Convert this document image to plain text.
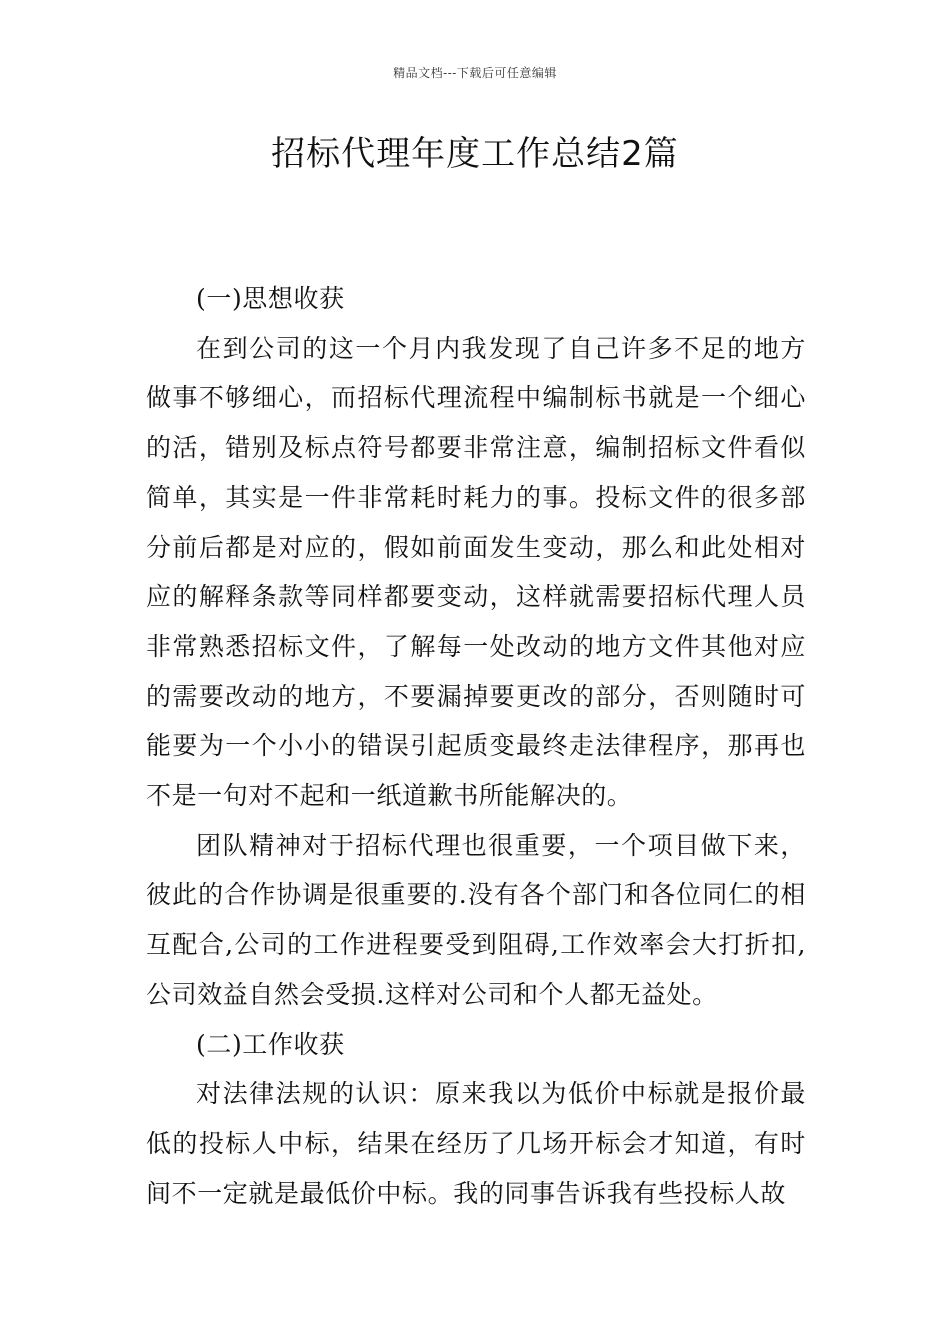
精品文档---下载后可任意编辑
招标代理年度工作总结2篇

(一)思想收获

在到公司的这一个月内我发现了自己许多不足的地方做事不够细心，而招标代理流程中编制标书就是一个细心的活，错别及标点符号都要非常注意，编制招标文件看似简单，其实是一件非常耗时耗力的事。投标文件的很多部分前后都是对应的，假如前面发生变动，那么和此处相对应的解释条款等同样都要变动，这样就需要招标代理人员非常熟悉招标文件，了解每一处改动的地方文件其他对应的需要改动的地方，不要漏掉要更改的部分，否则随时可能要为一个小小的错误引起质变最终走法律程序，那再也不是一句对不起和一纸道歉书所能解决的。

团队精神对于招标代理也很重要，一个项目做下来，彼此的合作协调是很重要的.没有各个部门和各位同仁的相互配合,公司的工作进程要受到阻碍,工作效率会大打折扣,公司效益自然会受损.这样对公司和个人都无益处。

(二)工作收获

对法律法规的认识：原来我以为低价中标就是报价最低的投标人中标，结果在经历了几场开标会才知道，有时间不一定就是最低价中标。我的同事告诉我有些投标人故
